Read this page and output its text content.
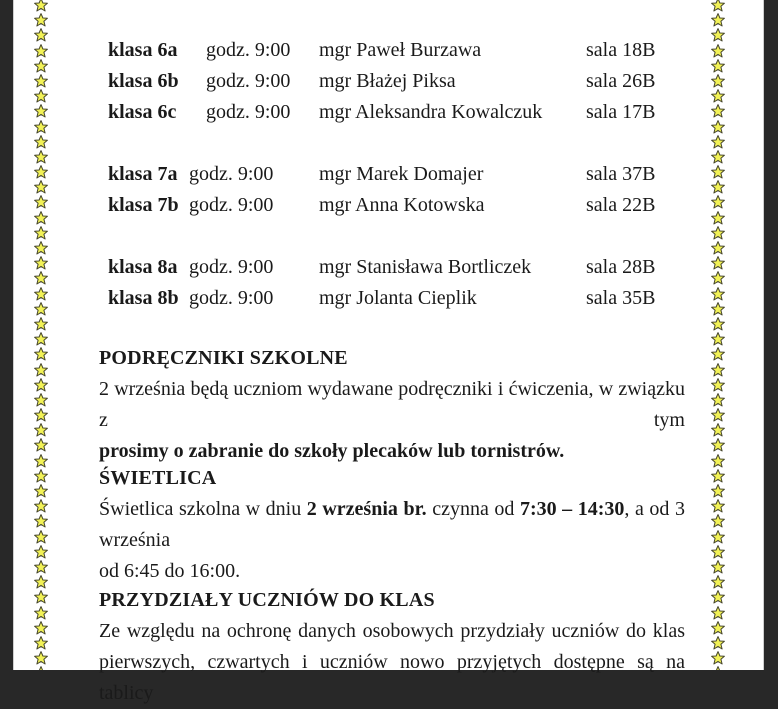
klasa 6a godz. 9:00 mgr Paweł Burzawa	sala 18B
klasa 6b godz. 9:00 mgr Błażej Piksa	sala 26B
klasa 6c godz. 9:00 mgr Aleksandra Kowalczuk sala 17B
klasa 7a godz. 9:00 mgr Marek Domajer	sala 37B
klasa 7b godz. 9:00 mgr Anna Kotowska	sala 22B
klasa 8a godz. 9:00 mgr Stanisława Bortliczek	sala 28B
klasa 8b godz. 9:00 mgr Jolanta Cieplik	sala 35B
PODRĘCZNIKI SZKOLNE

2 września będą uczniom wydawane podręczniki i ćwiczenia, w związku z tym

prosimy o zabranie do szkoły plecaków lub tornistrów.

ŚWIETLICA

Świetlica szkolna w dniu 2 września br. czynna od 7:30 – 14:30, a od 3 września

od 6:45 do 16:00.

PRZYDZIAŁY UCZNIÓW DO KLAS

Ze względu na ochronę danych osobowych przydziały uczniów do klas

pierwszych, czwartych i uczniów nowo przyjętych dostępne są na tablicy
